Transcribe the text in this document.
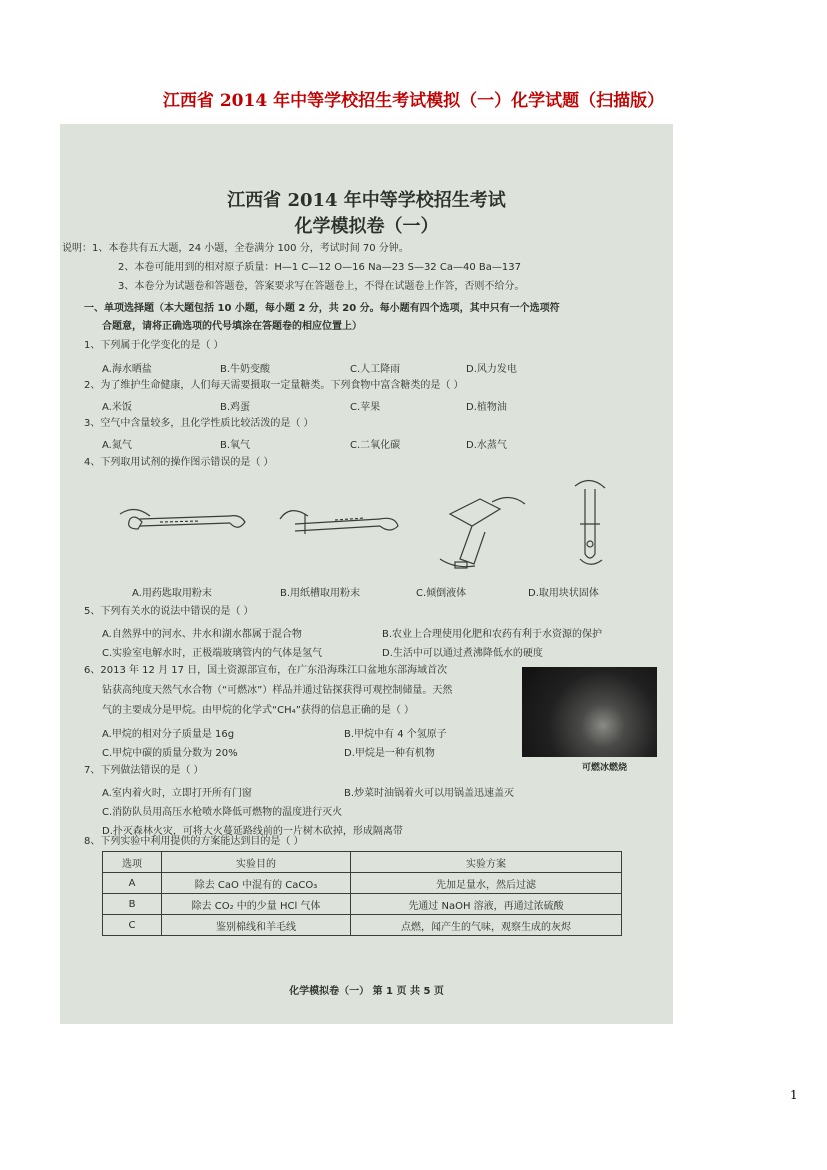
江西省 2014 年中等学校招生考试模拟（一）化学试题（扫描版）
江西省 2014 年中等学校招生考试
化学模拟卷（一）
说明：1、本卷共有五大题，24 小题，全卷满分 100 分，考试时间 70 分钟。
2、本卷可能用到的相对原子质量：H—1 C—12 O—16 Na—23 S—32 Ca—40 Ba—137
3、本卷分为试题卷和答题卷，答案要求写在答题卷上，不得在试题卷上作答，否则不给分。
一、单项选择题（本大题包括 10 小题，每小题 2 分，共 20 分。每小题有四个选项，其中只有一个选项符
合题意，请将正确选项的代号填涂在答题卷的相应位置上）
1、下列属于化学变化的是（ ）
A.海水晒盐	B.牛奶变酸	C.人工降雨	D.风力发电
2、为了维护生命健康，人们每天需要摄取一定量糖类。下列食物中富含糖类的是（ ）
A.米饭	B.鸡蛋	C.苹果	D.植物油
3、空气中含量较多，且化学性质比较活泼的是（ ）
A.氮气	B.氧气	C.二氧化碳	D.水蒸气
4、下列取用试剂的操作图示错误的是（ ）
A.用药匙取用粉末	B.用纸槽取用粉末	C.倾倒液体	D.取用块状固体
5、下列有关水的说法中错误的是（ ）
A.自然界中的河水、井水和湖水都属于混合物	B.农业上合理使用化肥和农药有利于水资源的保护
C.实验室电解水时，正极端玻璃管内的气体是氢气	D.生活中可以通过煮沸降低水的硬度
6、2013 年 12 月 17 日，国土资源部宣布，在广东沿海珠江口盆地东部海域首次
钻获高纯度天然气水合物（“可燃冰”）样品并通过钻探获得可观控制储量。天然
气的主要成分是甲烷。由甲烷的化学式“CH₄”获得的信息正确的是（ ）
A.甲烷的相对分子质量是 16g	B.甲烷中有 4 个氢原子
C.甲烷中碳的质量分数为 20%	D.甲烷是一种有机物
可燃冰燃烧
7、下列做法错误的是（ ）
A.室内着火时，立即打开所有门窗	B.炒菜时油锅着火可以用锅盖迅速盖灭
C.消防队员用高压水枪喷水降低可燃物的温度进行灭火
D.扑灭森林火灾，可将大火蔓延路线前的一片树木砍掉，形成隔离带
8、下列实验中利用提供的方案能达到目的是（ ）
选项	实验目的	实验方案
A	除去 CaO 中混有的 CaCO₃	先加足量水，然后过滤
B	除去 CO₂ 中的少量 HCl 气体	先通过 NaOH 溶液，再通过浓硫酸
C	鉴别棉线和羊毛线	点燃，闻产生的气味，观察生成的灰烬
化学模拟卷（一） 第 1 页 共 5 页
1
